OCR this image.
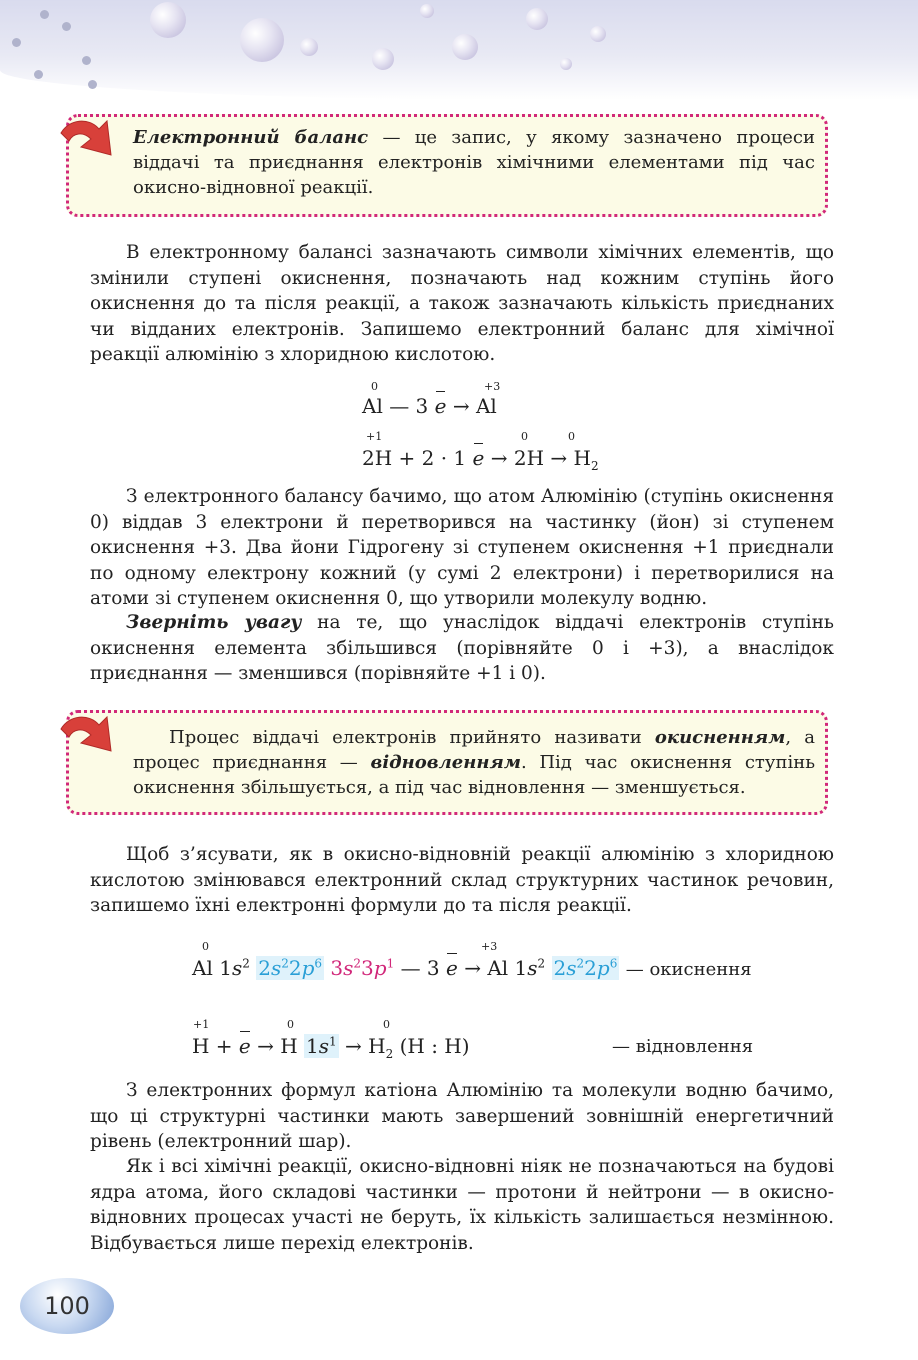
Електронний баланс — це запис, у якому зазначено процеси віддачі та приєднання електронів хімічними елементами під час окисно-відновної реакції.

В електронному балансі зазначають символи хімічних елементів, що змінили ступені окиснення, позначають над кожним ступінь його окиснення до та після реакції, а також зазначають кількість приєднаних чи відданих електронів. Запишемо електронний баланс для хімічної реакції алюмінію з хлоридною кислотою.

Al — 3 e → Al
0	+3
2H + 2 · 1 $e \to 2H \to H_2$
+1	0	0

З електронного балансу бачимо, що атом Алюмінію (ступінь окиснення 0) віддав 3 електрони й перетворився на частинку (йон) зі ступенем окиснення +3. Два йони Гідрогену зі ступенем окиснення +1 приєднали по одному електрону кожний (у сумі 2 електрони) і перетворилися на атоми зі ступенем окиснення 0, що утворили молекулу водню.

Зверніть увагу на те, що унаслідок віддачі електронів ступінь окиснення елемента збільшився (порівняйте 0 і +3), а внаслідок приєднання — зменшився (порівняйте +1 і 0).

Процес віддачі електронів прийнято називати окисненням, а процес приєднання — відновленням. Під час окиснення ступінь окиснення збільшується, а під час відновлення — зменшується.

Щоб з’ясувати, як в окисно-відновній реакції алюмінію з хлоридною кислотою змінювався електронний склад структурних частинок речовин, запишемо їхні електронні формули до та після реакції.

Al $1s^2$ $2s^22p^6$ $3s^23p^1$ — 3 e → Al $1s^2$ $2s^22p^6$ — окиснення
0	+3
H + e → H $1s^1 \to H_2$ (H : H)
+1	0	0
— відновлення

З електронних формул катіона Алюмінію та молекули водню бачимо, що ці структурні частинки мають завершений зовнішній енергетичний рівень (електронний шар).

Як і всі хімічні реакції, окисно-відновні ніяк не позначаються на будові ядра атома, його складові частинки — протони й нейтрони — в окисно-відновних процесах участі не беруть, їх кількість залишається незмінною. Відбувається лише перехід електронів.

100
